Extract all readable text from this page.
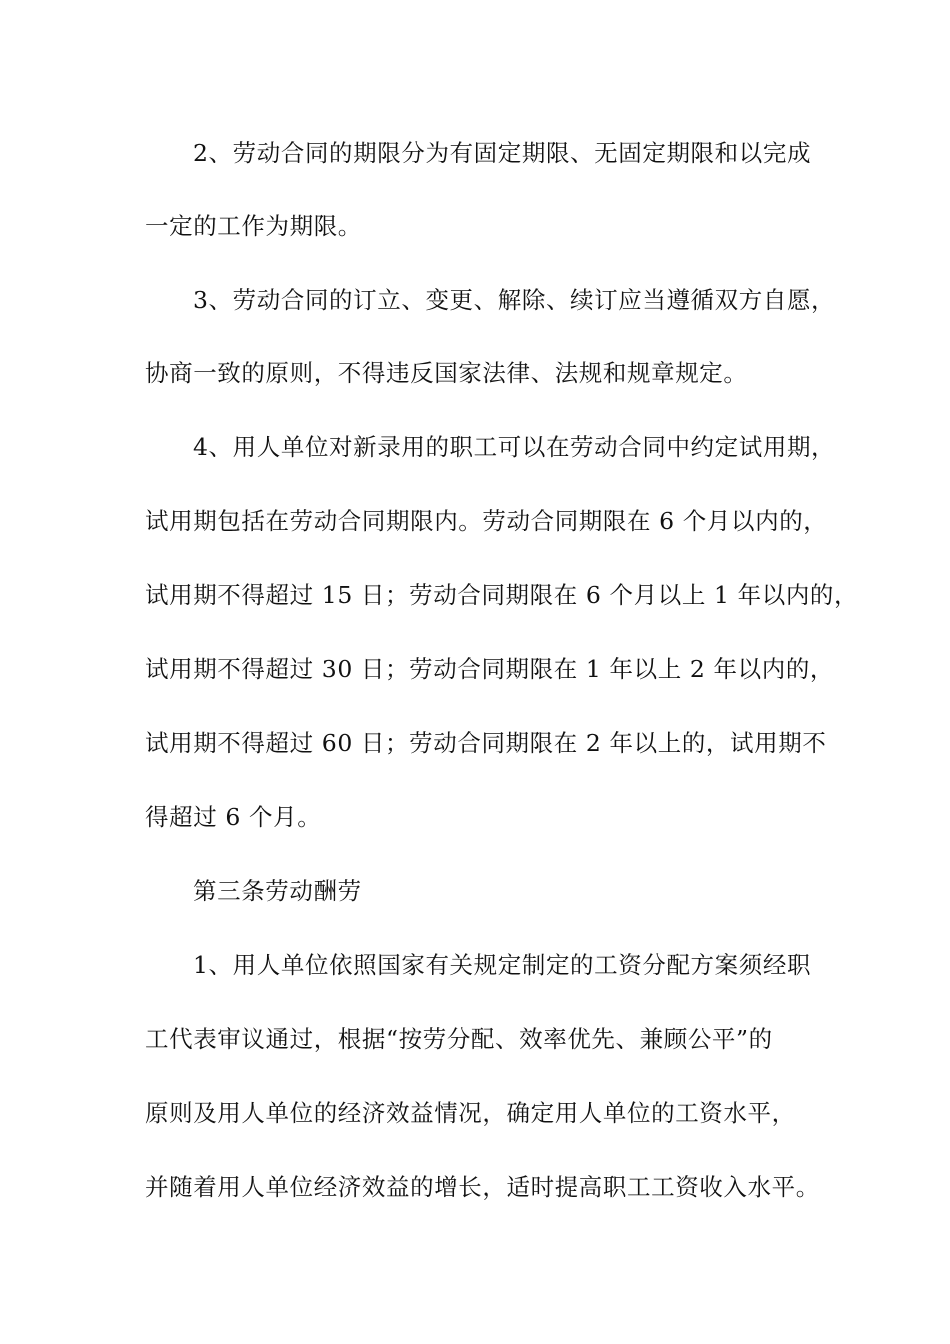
2、劳动合同的期限分为有固定期限、无固定期限和以完成
一定的工作为期限。
3、劳动合同的订立、变更、解除、续订应当遵循双方自愿，
协商一致的原则，不得违反国家法律、法规和规章规定。
4、用人单位对新录用的职工可以在劳动合同中约定试用期，
试用期包括在劳动合同期限内。劳动合同期限在 6 个月以内的，
试用期不得超过 15 日；劳动合同期限在 6 个月以上 1 年以内的，
试用期不得超过 30 日；劳动合同期限在 1 年以上 2 年以内的，
试用期不得超过 60 日；劳动合同期限在 2 年以上的，试用期不
得超过 6 个月。
第三条劳动酬劳
1、用人单位依照国家有关规定制定的工资分配方案须经职
工代表审议通过，根据“按劳分配、效率优先、兼顾公平”的
原则及用人单位的经济效益情况，确定用人单位的工资水平，
并随着用人单位经济效益的增长，适时提高职工工资收入水平。
